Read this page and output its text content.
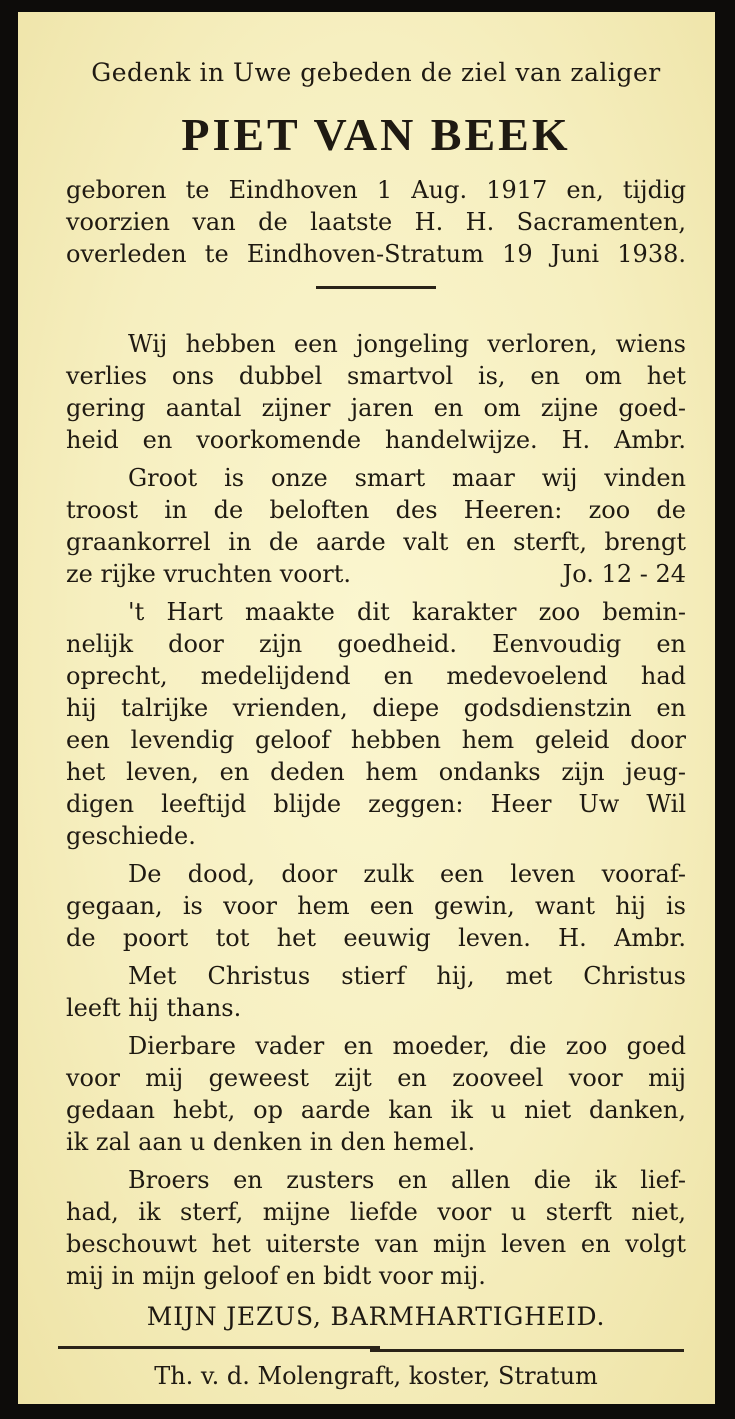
Gedenk in Uwe gebeden de ziel van zaliger
PIET VAN BEEK
geboren te Eindhoven 1 Aug. 1917 en, tijdig
voorzien van de laatste H. H. Sacramenten,
overleden te Eindhoven-Stratum 19 Juni 1938.
Wij hebben een jongeling verloren, wiens
verlies ons dubbel smartvol is, en om het
gering aantal zijner jaren en om zijne goed-
heid en voorkomende handelwijze. H. Ambr.
Groot is onze smart maar wij vinden
troost in de beloften des Heeren: zoo de
graankorrel in de aarde valt en sterft, brengt
ze rijke vruchten voort.	Jo. 12 - 24
't Hart maakte dit karakter zoo bemin-
nelijk door zijn goedheid. Eenvoudig en
oprecht, medelijdend en medevoelend had
hij talrijke vrienden, diepe godsdienstzin en
een levendig geloof hebben hem geleid door
het leven, en deden hem ondanks zijn jeug-
digen leeftijd blijde zeggen: Heer Uw Wil
geschiede.
De dood, door zulk een leven vooraf-
gegaan, is voor hem een gewin, want hij is
de poort tot het eeuwig leven. H. Ambr.
Met Christus stierf hij, met Christus
leeft hij thans.
Dierbare vader en moeder, die zoo goed
voor mij geweest zijt en zooveel voor mij
gedaan hebt, op aarde kan ik u niet danken,
ik zal aan u denken in den hemel.
Broers en zusters en allen die ik lief-
had, ik sterf, mijne liefde voor u sterft niet,
beschouwt het uiterste van mijn leven en volgt
mij in mijn geloof en bidt voor mij.
MIJN JEZUS, BARMHARTIGHEID.
Th. v. d. Molengraft, koster, Stratum
